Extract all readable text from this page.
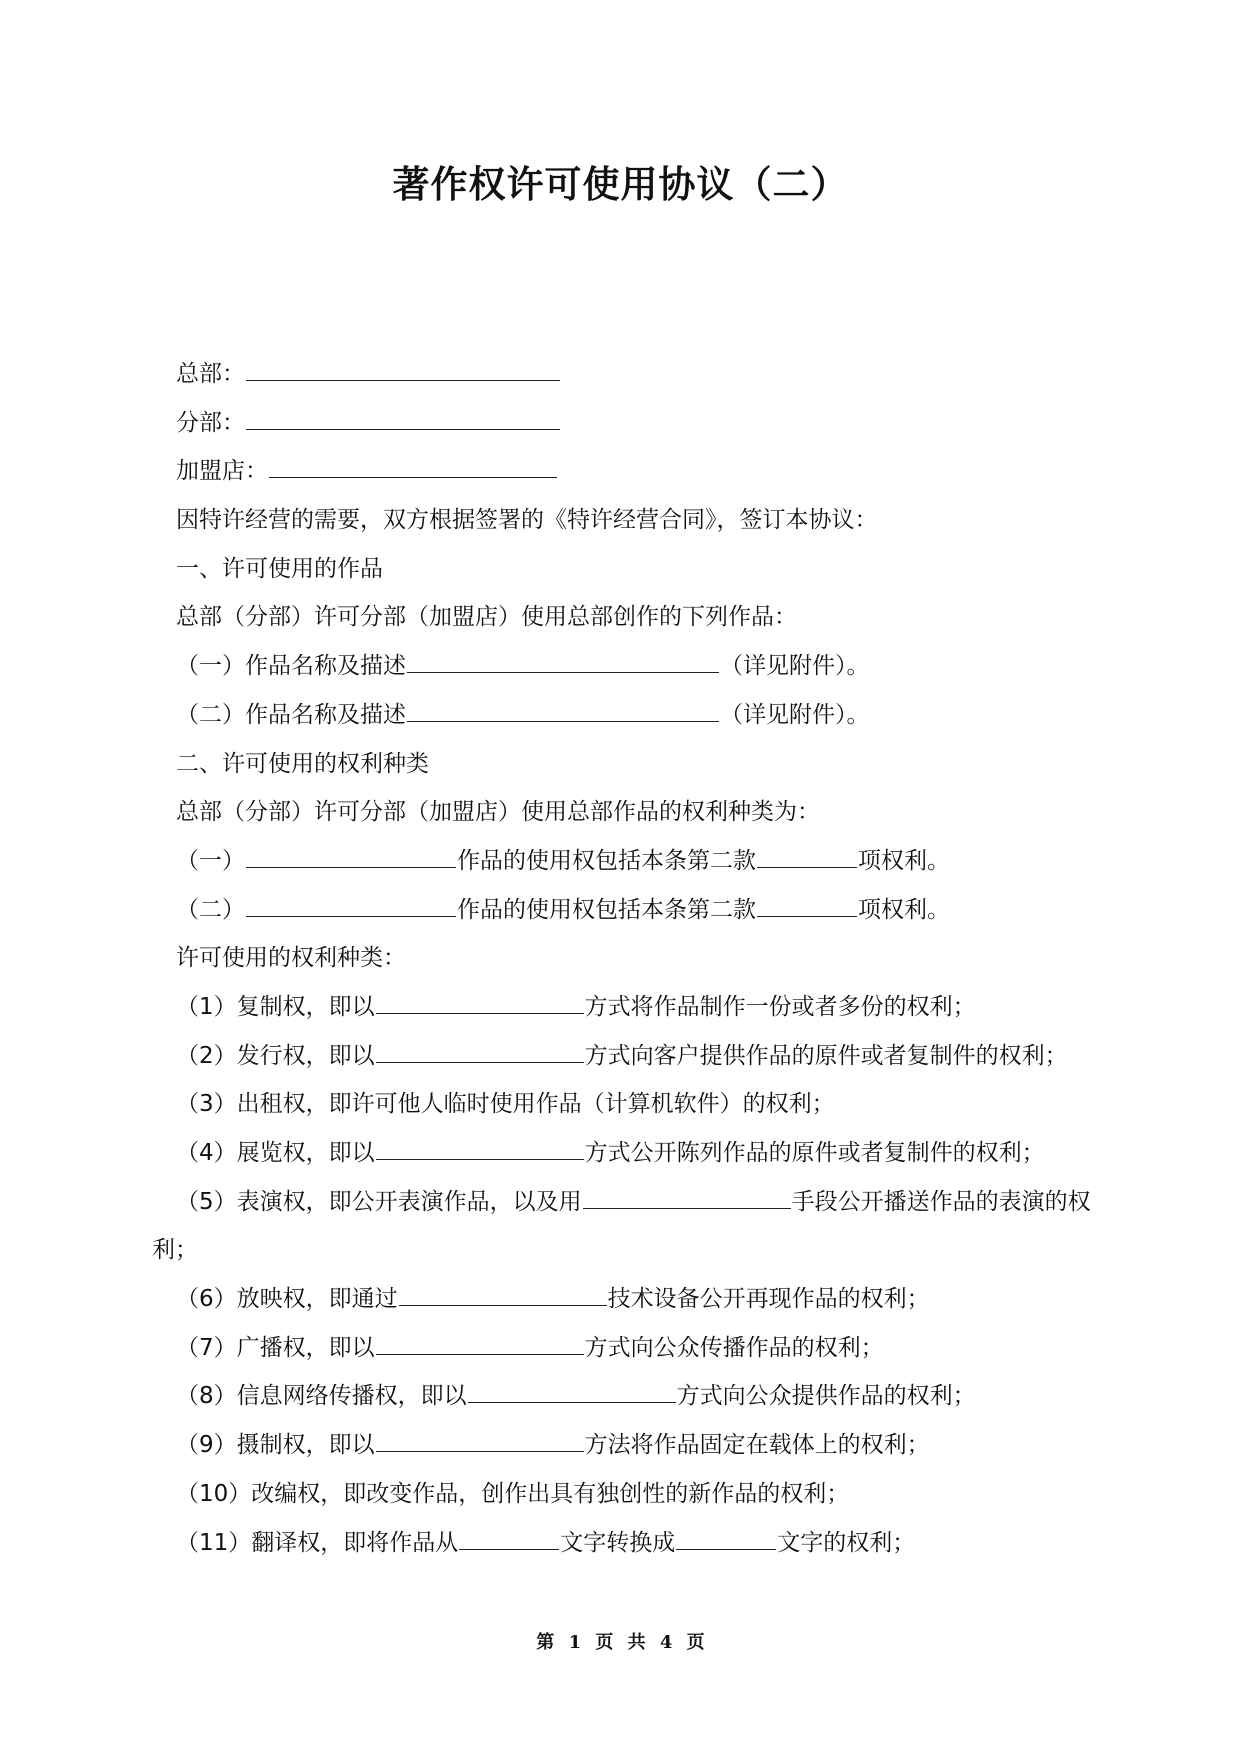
著作权许可使用协议（二）
总部：
分部：
加盟店：
因特许经营的需要，双方根据签署的《特许经营合同》，签订本协议：
一、许可使用的作品
总部（分部）许可分部（加盟店）使用总部创作的下列作品：
（一）作品名称及描述	（详见附件）。
（二）作品名称及描述	（详见附件）。
二、许可使用的权利种类
总部（分部）许可分部（加盟店）使用总部作品的权利种类为：
（一）	作品的使用权包括本条第二款	项权利。
（二）	作品的使用权包括本条第二款	项权利。
许可使用的权利种类：
（1）复制权，即以	方式将作品制作一份或者多份的权利；
（2）发行权，即以	方式向客户提供作品的原件或者复制件的权利；
（3）出租权，即许可他人临时使用作品（计算机软件）的权利；
（4）展览权，即以	方式公开陈列作品的原件或者复制件的权利；
（5）表演权，即公开表演作品，以及用	手段公开播送作品的表演的权利；
（6）放映权，即通过	技术设备公开再现作品的权利；
（7）广播权，即以	方式向公众传播作品的权利；
（8）信息网络传播权，即以	方式向公众提供作品的权利；
（9）摄制权，即以	方法将作品固定在载体上的权利；
（10）改编权，即改变作品，创作出具有独创性的新作品的权利；
（11）翻译权，即将作品从	文字转换成	文字的权利；
第 1 页 共 4 页
